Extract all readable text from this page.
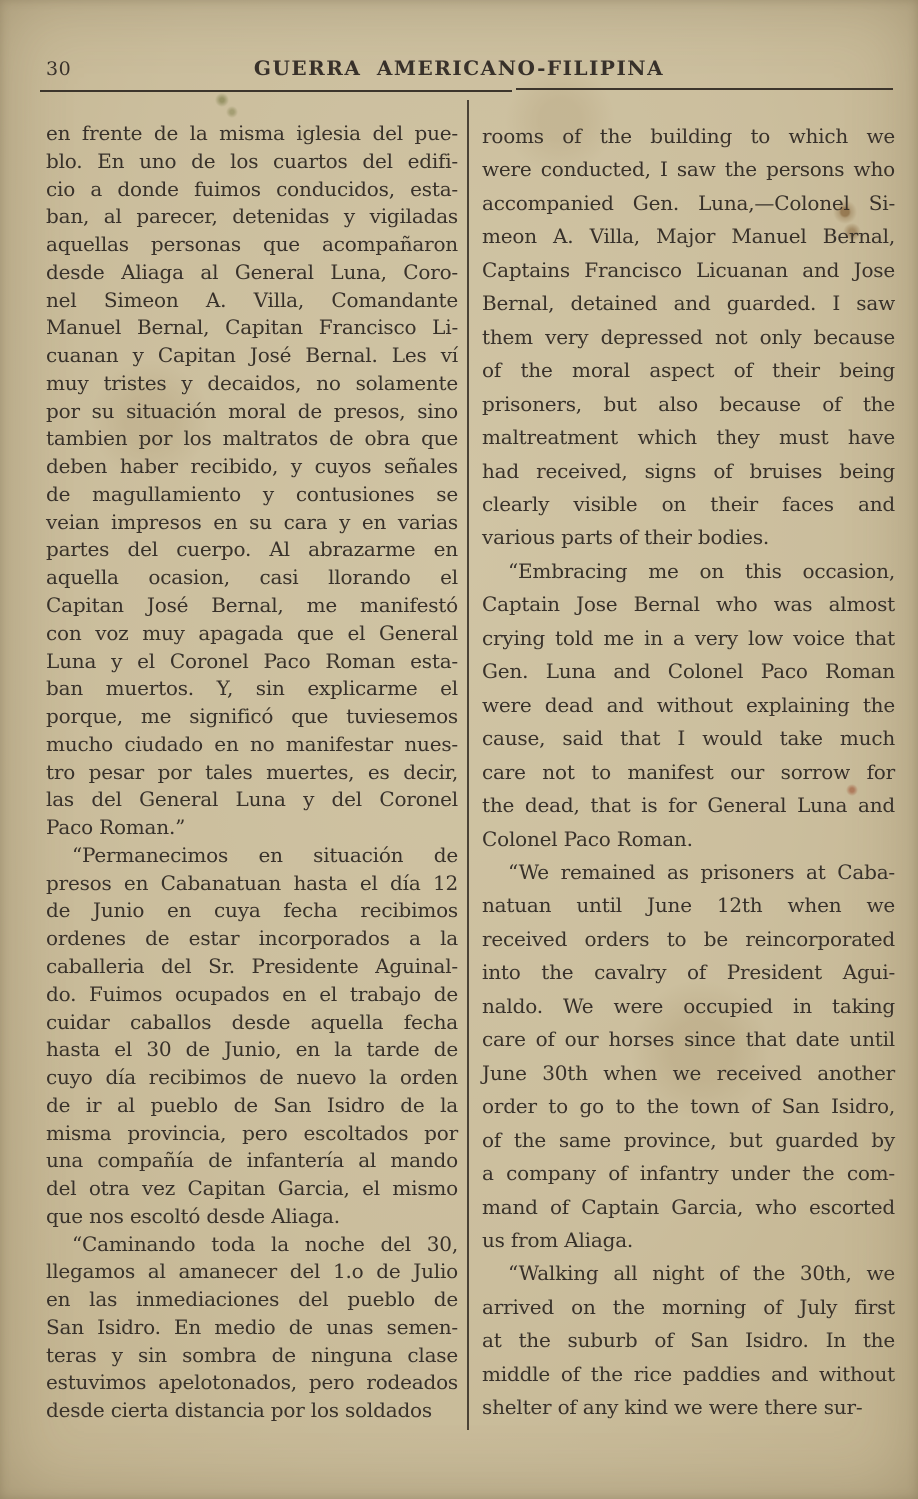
30	GUERRA AMERICANO-FILIPINA
en frente de la misma iglesia del pue-
blo. En uno de los cuartos del edifi-
cio a donde fuimos conducidos, esta-
ban, al parecer, detenidas y vigiladas
aquellas personas que acompañaron
desde Aliaga al General Luna, Coro-
nel Simeon A. Villa, Comandante
Manuel Bernal, Capitan Francisco Li-
cuanan y Capitan José Bernal. Les ví
muy tristes y decaidos, no solamente
por su situación moral de presos, sino
tambien por los maltratos de obra que
deben haber recibido, y cuyos señales
de magullamiento y contusiones se
veian impresos en su cara y en varias
partes del cuerpo. Al abrazarme en
aquella ocasion, casi llorando el
Capitan José Bernal, me manifestó
con voz muy apagada que el General
Luna y el Coronel Paco Roman esta-
ban muertos. Y, sin explicarme el
porque, me significó que tuviesemos
mucho ciudado en no manifestar nues-
tro pesar por tales muertes, es decir,
las del General Luna y del Coronel
Paco Roman.”
“Permanecimos en situación de
presos en Cabanatuan hasta el día 12
de Junio en cuya fecha recibimos
ordenes de estar incorporados a la
caballeria del Sr. Presidente Aguinal-
do. Fuimos ocupados en el trabajo de
cuidar caballos desde aquella fecha
hasta el 30 de Junio, en la tarde de
cuyo día recibimos de nuevo la orden
de ir al pueblo de San Isidro de la
misma provincia, pero escoltados por
una compañía de infantería al mando
del otra vez Capitan Garcia, el mismo
que nos escoltó desde Aliaga.
“Caminando toda la noche del 30,
llegamos al amanecer del 1.o de Julio
en las inmediaciones del pueblo de
San Isidro. En medio de unas semen-
teras y sin sombra de ninguna clase
estuvimos apelotonados, pero rodeados
desde cierta distancia por los soldados
rooms of the building to which we
were conducted, I saw the persons who
accompanied Gen. Luna,—Colonel Si-
meon A. Villa, Major Manuel Bernal,
Captains Francisco Licuanan and Jose
Bernal, detained and guarded. I saw
them very depressed not only because
of the moral aspect of their being
prisoners, but also because of the
maltreatment which they must have
had received, signs of bruises being
clearly visible on their faces and
various parts of their bodies.
“Embracing me on this occasion,
Captain Jose Bernal who was almost
crying told me in a very low voice that
Gen. Luna and Colonel Paco Roman
were dead and without explaining the
cause, said that I would take much
care not to manifest our sorrow for
the dead, that is for General Luna and
Colonel Paco Roman.
“We remained as prisoners at Caba-
natuan until June 12th when we
received orders to be reincorporated
into the cavalry of President Agui-
naldo. We were occupied in taking
care of our horses since that date until
June 30th when we received another
order to go to the town of San Isidro,
of the same province, but guarded by
a company of infantry under the com-
mand of Captain Garcia, who escorted
us from Aliaga.
“Walking all night of the 30th, we
arrived on the morning of July first
at the suburb of San Isidro. In the
middle of the rice paddies and without
shelter of any kind we were there sur-
